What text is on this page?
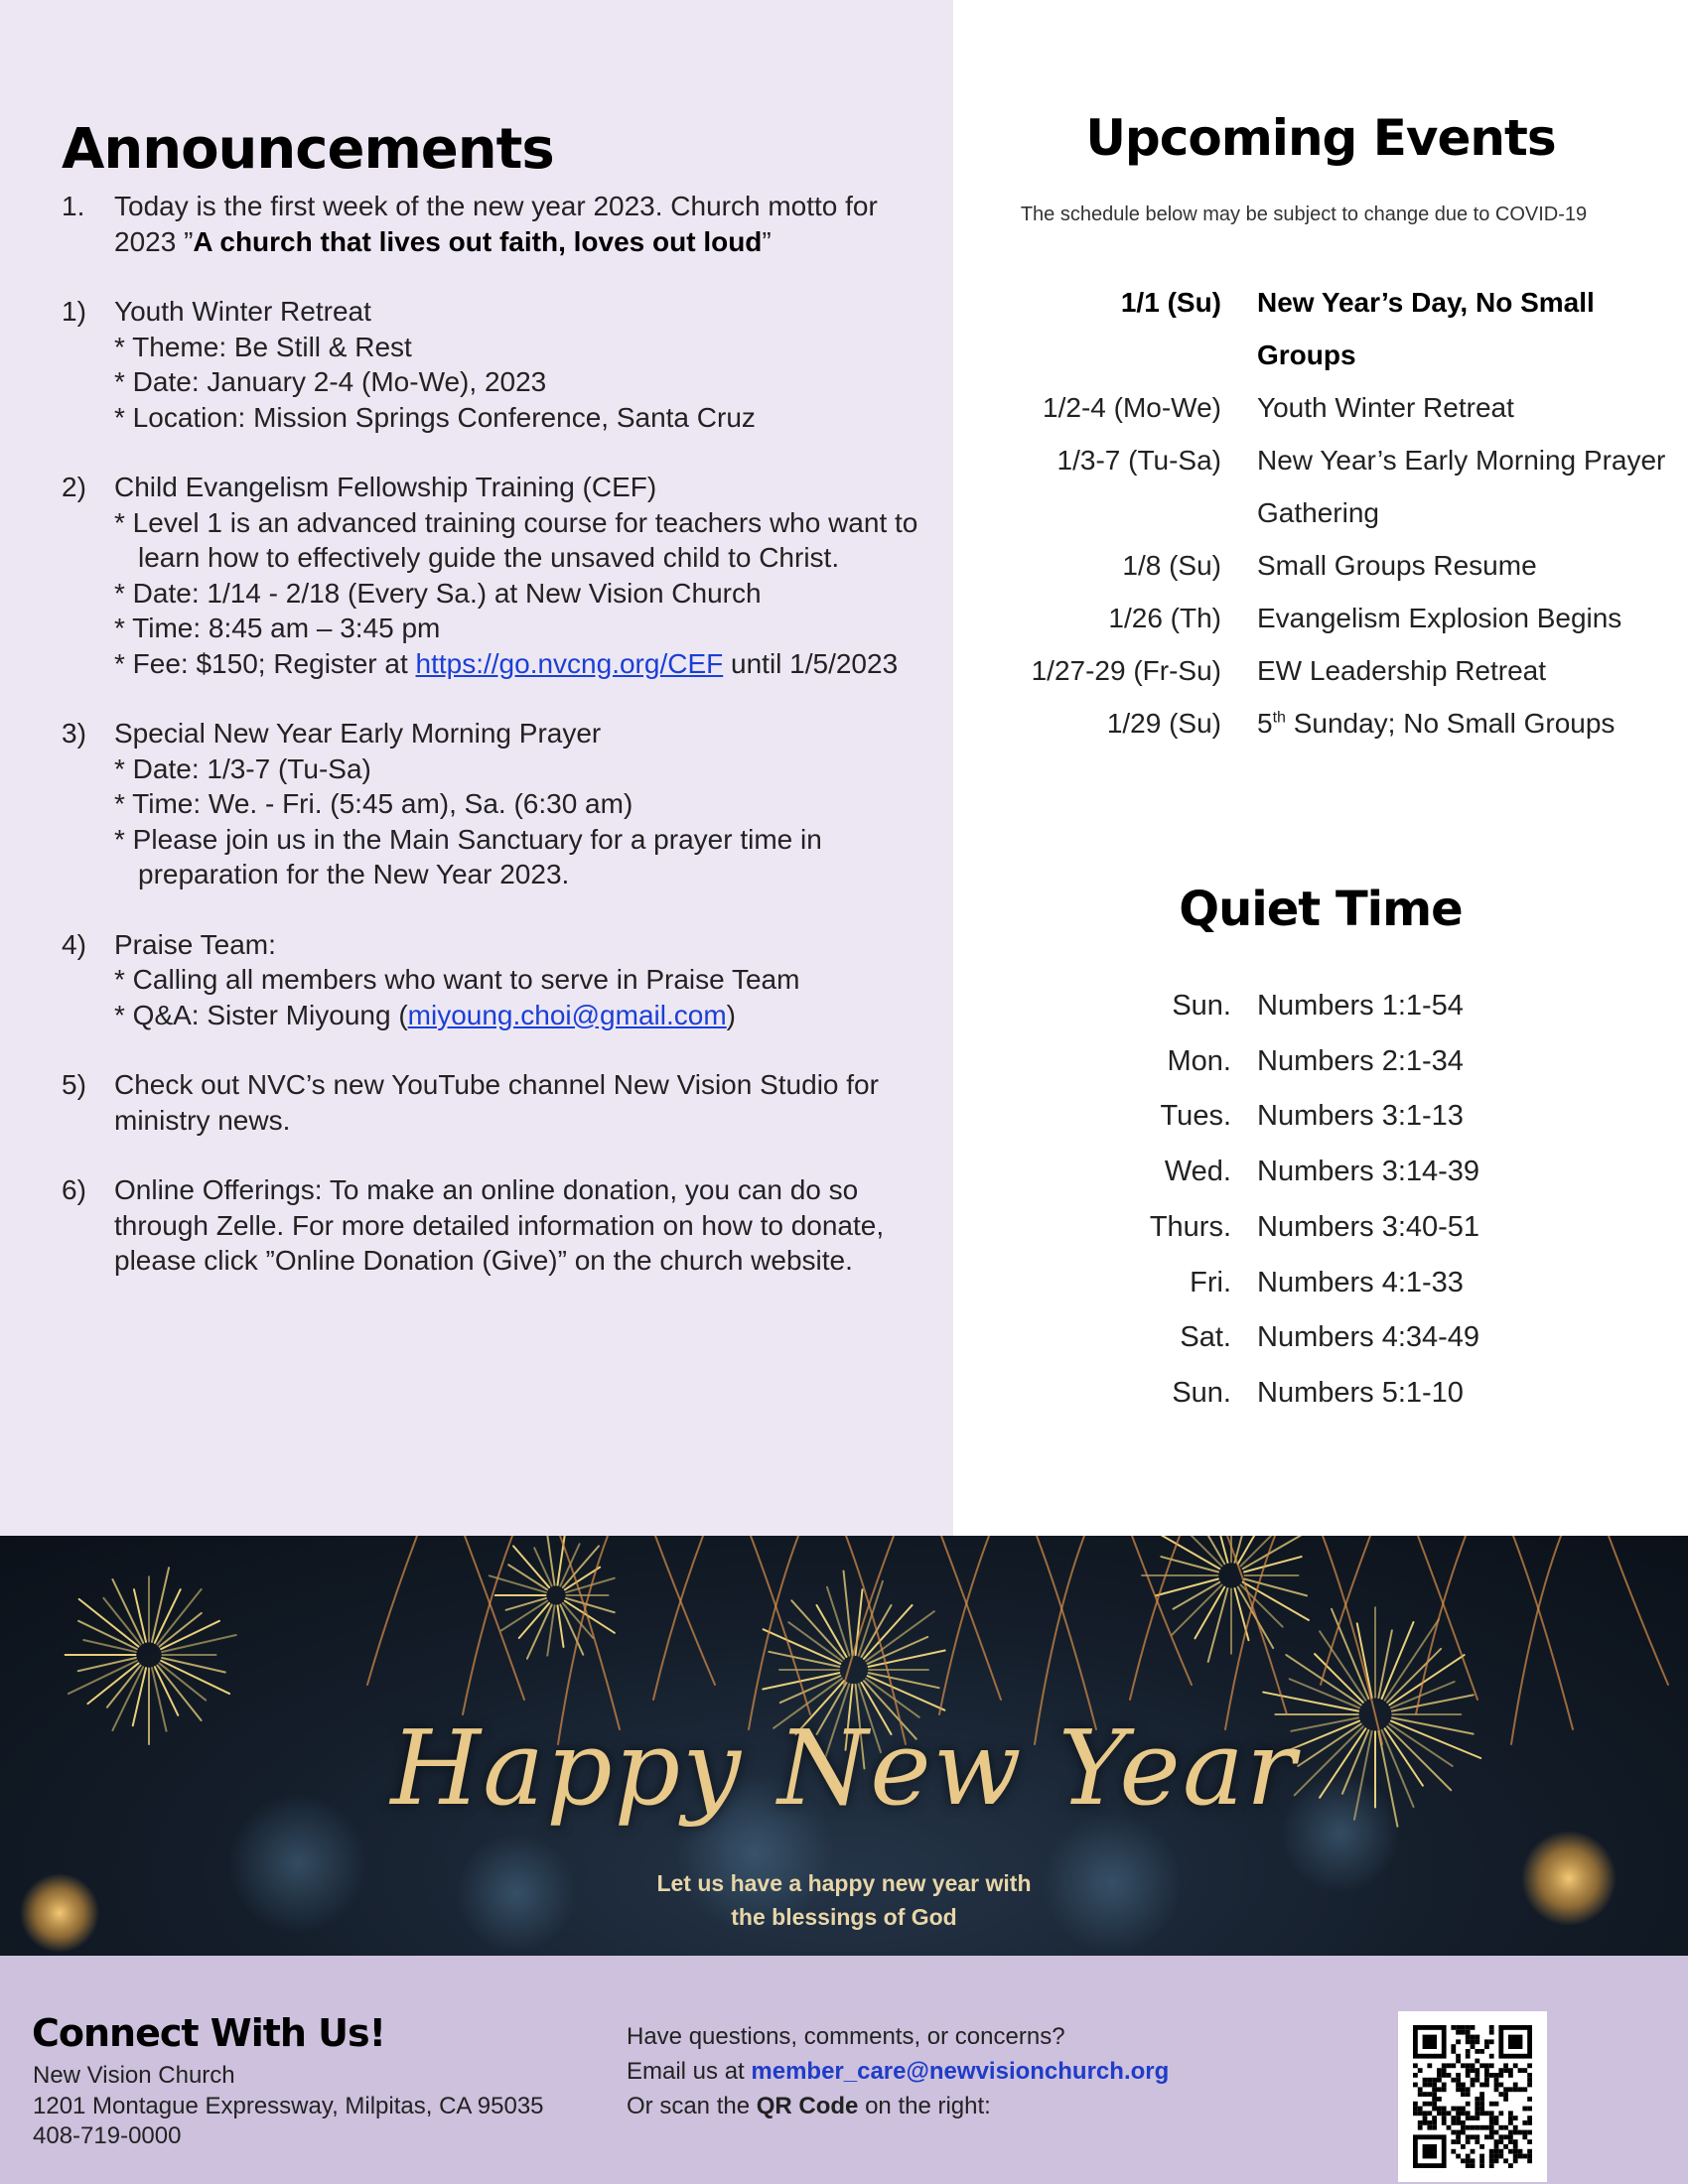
Announcements
1.	Today is the first week of the new year 2023. Church motto for 2023 ”A church that lives out faith, loves out loud”
1)	Youth Winter Retreat
* Theme: Be Still & Rest
* Date: January 2-4 (Mo-We), 2023
* Location: Mission Springs Conference, Santa Cruz
2)	Child Evangelism Fellowship Training (CEF)
* Level 1 is an advanced training course for teachers who want to learn how to effectively guide the unsaved child to Christ.
* Date: 1/14 - 2/18 (Every Sa.) at New Vision Church
* Time: 8:45 am – 3:45 pm
* Fee: $150; Register at https://go.nvcng.org/CEF until 1/5/2023
3)	Special New Year Early Morning Prayer
* Date: 1/3-7 (Tu-Sa)
* Time: We. - Fri. (5:45 am), Sa. (6:30 am)
* Please join us in the Main Sanctuary for a prayer time in preparation for the New Year 2023.
4)	Praise Team:
* Calling all members who want to serve in Praise Team
* Q&A: Sister Miyoung (miyoung.choi@gmail.com)
5)	Check out NVC’s new YouTube channel New Vision Studio for ministry news.
6)	Online Offerings: To make an online donation, you can do so through Zelle. For more detailed information on how to donate, please click ”Online Donation (Give)” on the church website.
Upcoming Events
The schedule below may be subject to change due to COVID-19
1/1 (Su)	New Year’s Day, No Small Groups
1/2-4 (Mo-We)	Youth Winter Retreat
1/3-7 (Tu-Sa)	New Year’s Early Morning Prayer Gathering
1/8 (Su)	Small Groups Resume
1/26 (Th)	Evangelism Explosion Begins
1/27-29 (Fr-Su)	EW Leadership Retreat
1/29 (Su)	5th Sunday; No Small Groups
Quiet Time
Sun. Numbers 1:1-54
Mon. Numbers 2:1-34
Tues. Numbers 3:1-13
Wed. Numbers 3:14-39
Thurs. Numbers 3:40-51
Fri. Numbers 4:1-33
Sat. Numbers 4:34-49
Sun. Numbers 5:1-10
Happy New Year
Let us have a happy new year with
the blessings of God
Connect With Us!
New Vision Church
1201 Montague Expressway, Milpitas, CA 95035
408-719-0000
Have questions, comments, or concerns?
Email us at member_care@newvisionchurch.org
Or scan the QR Code on the right:
